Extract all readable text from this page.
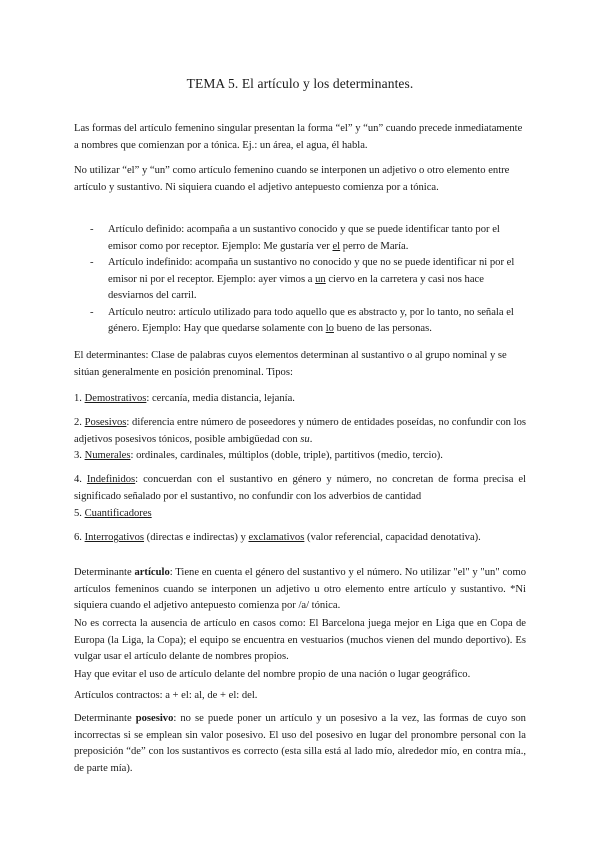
TEMA 5. El artículo y los determinantes.
Las formas del artículo femenino singular presentan la forma “el” y “un” cuando precede inmediatamente a nombres que comienzan por a tónica. Ej.: un área, el agua, él habla.
No utilizar “el” y “un” como artículo femenino cuando se interponen un adjetivo o otro elemento entre artículo y sustantivo. Ni siquiera cuando el adjetivo antepuesto comienza por a tónica.
- Artículo definido: acompaña a un sustantivo conocido y que se puede identificar tanto por el emisor como por receptor. Ejemplo: Me gustaría ver el perro de María.
- Artículo indefinido: acompaña un sustantivo no conocido y que no se puede identificar ni por el emisor ni por el receptor. Ejemplo: ayer vimos a un ciervo en la carretera y casi nos hace desviarnos del carril.
- Artículo neutro: artículo utilizado para todo aquello que es abstracto y, por lo tanto, no señala el género. Ejemplo: Hay que quedarse solamente con lo bueno de las personas.
El determinantes: Clase de palabras cuyos elementos determinan al sustantivo o al grupo nominal y se sitúan generalmente en posición prenominal. Tipos:
1. Demostrativos: cercanía, media distancia, lejanía.
2. Posesivos: diferencia entre número de poseedores y número de entidades poseídas, no confundir con los adjetivos posesivos tónicos, posible ambigüedad con su.
3. Numerales: ordinales, cardinales, múltiplos (doble, triple), partitivos (medio, tercio).
4. Indefinidos: concuerdan con el sustantivo en género y número, no concretan de forma precisa el significado señalado por el sustantivo, no confundir con los adverbios de cantidad
5. Cuantificadores
6. Interrogativos (directas e indirectas) y exclamativos (valor referencial, capacidad denotativa).
Determinante artículo: Tiene en cuenta el género del sustantivo y el número. No utilizar "el" y "un" como artículos femeninos cuando se interponen un adjetivo u otro elemento entre artículo y sustantivo. *Ni siquiera cuando el adjetivo antepuesto comienza por /a/ tónica.
No es correcta la ausencia de artículo en casos como: El Barcelona juega mejor en Liga que en Copa de Europa (la Liga, la Copa); el equipo se encuentra en vestuarios (muchos vienen del mundo deportivo). Es vulgar usar el artículo delante de nombres propios.
Hay que evitar el uso de artículo delante del nombre propio de una nación o lugar geográfico.
Artículos contractos: a + el: al, de + el: del.
Determinante posesivo: no se puede poner un artículo y un posesivo a la vez, las formas de cuyo son incorrectas si se emplean sin valor posesivo. El uso del posesivo en lugar del pronombre personal con la preposición “de” con los sustantivos es correcto (esta silla está al lado mío, alrededor mío, en contra mía., de parte mía).
